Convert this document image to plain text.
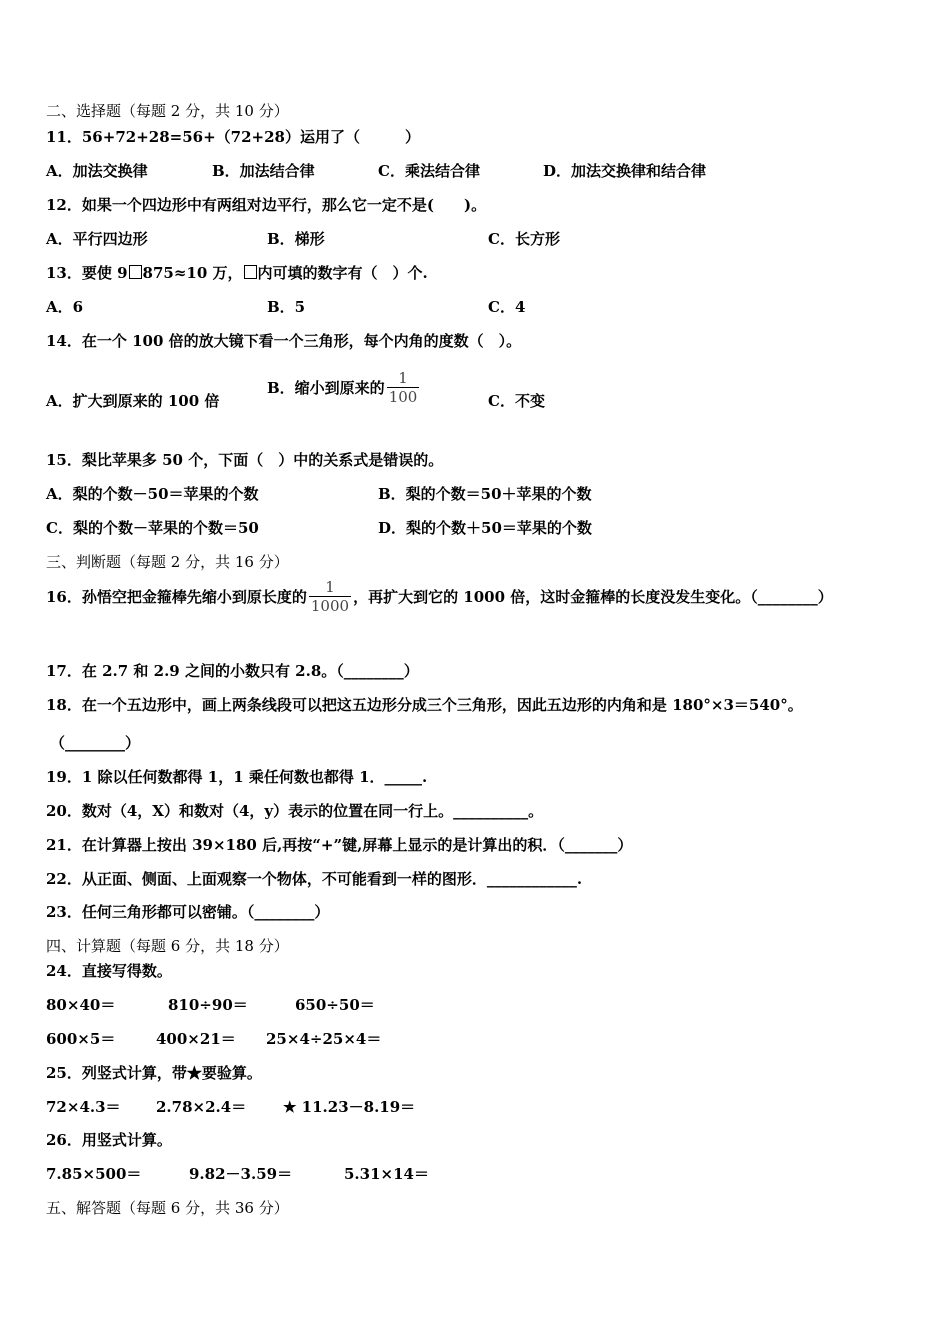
二、选择题（每题 2 分，共 10 分）
11．56+72+28=56+（72+28）运用了（　　　）
A．加法交换律	B．加法结合律	C．乘法结合律	D．加法交换律和结合律
12．如果一个四边形中有两组对边平行，那么它一定不是(　　)。
A．平行四边形	B．梯形	C．长方形
13．要使 9 875≈10 万， 内可填的数字有（　）个.
A．6	B．5	C．4
14．在一个 100 倍的放大镜下看一个三角形，每个内角的度数（　）。
A．扩大到原来的 100 倍
B．缩小到原来的 $\frac{1}{100}$	C．不变
15．梨比苹果多 50 个，下面（　）中的关系式是错误的。
A．梨的个数－50＝苹果的个数	B．梨的个数＝50＋苹果的个数
C．梨的个数－苹果的个数＝50	D．梨的个数＋50＝苹果的个数
三、判断题（每题 2 分，共 16 分）
16．孙悟空把金箍棒先缩小到原长度的 $\frac{1}{1000}$ ，再扩大到它的 1000 倍，这时金箍棒的长度没发生变化。（________）
17．在 2.7 和 2.9 之间的小数只有 2.8。（________）
18．在一个五边形中，画上两条线段可以把这五边形分成三个三角形，因此五边形的内角和是 180°×3＝540°。
（________）
19．1 除以任何数都得 1，1 乘任何数也都得 1．_____.
20．数对（4，X）和数对（4，y）表示的位置在同一行上。__________。
21．在计算器上按出 39×180 后,再按“+”键,屏幕上显示的是计算出的积．（_______）
22．从正面、侧面、上面观察一个物体，不可能看到一样的图形．____________.
23．任何三角形都可以密铺。（________）
四、计算题（每题 6 分，共 18 分）
24．直接写得数。
80×40＝	810÷90＝	650÷50＝
600×5＝	400×21＝ 25×4÷25×4＝
25．列竖式计算，带★要验算。
72×4.3＝ 2.78×2.4＝ ★ 11.23－8.19＝
26．用竖式计算。
7.85×500＝	9.82－3.59＝	5.31×14＝
五、解答题（每题 6 分，共 36 分）
